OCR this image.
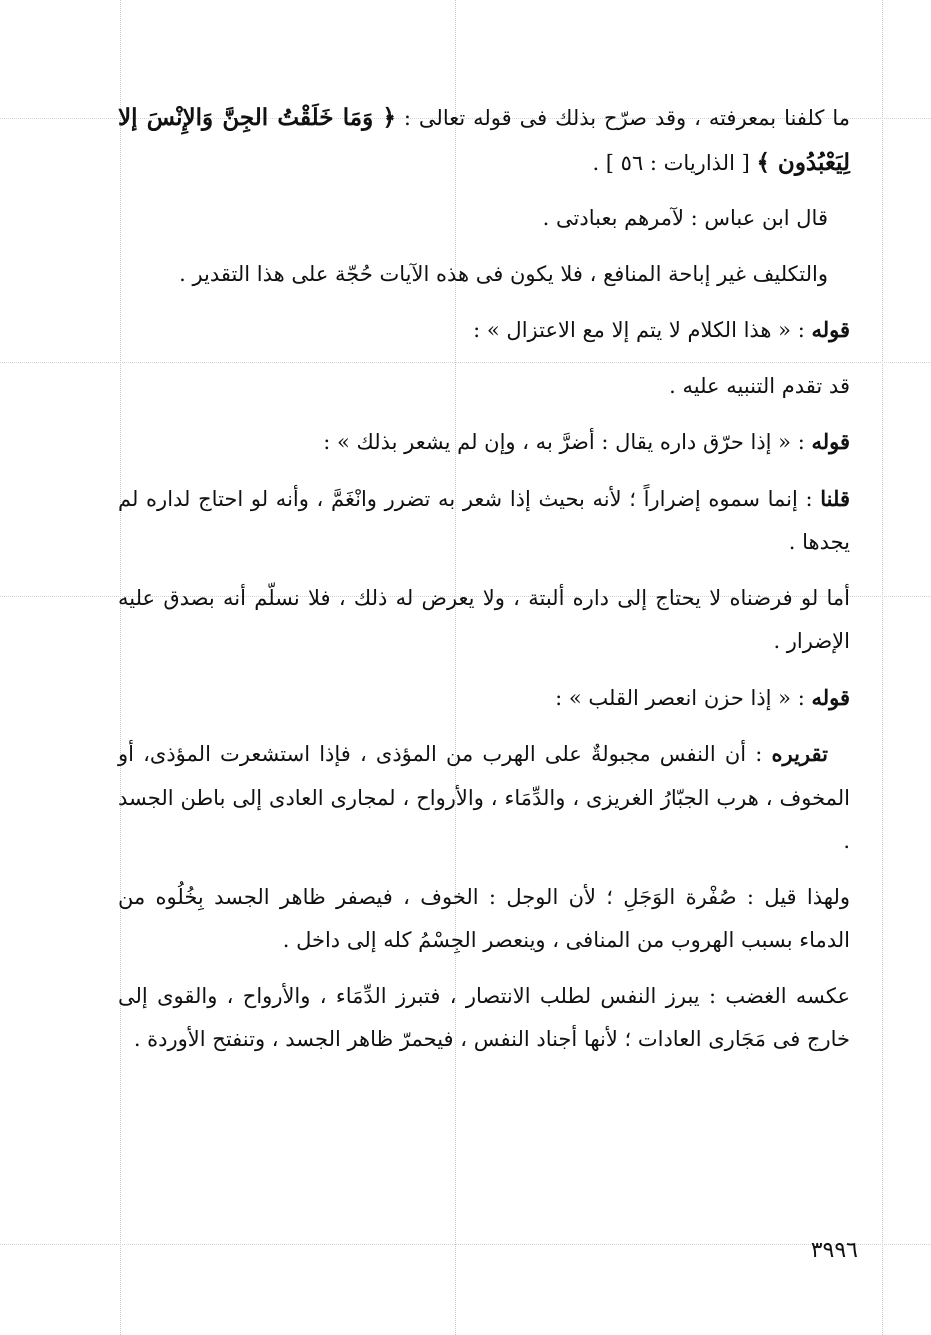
ما كلفنا بمعرفته ، وقد صرّح بذلك فى قوله تعالى : ﴿ وَمَا خَلَقْتُ الجِنَّ وَالإِنْسَ إلا لِيَعْبُدُون ﴾ [ الذاريات : ٥٦ ] .

قال ابن عباس : لآمرهم بعبادتى .

والتكليف غير إباحة المنافع ، فلا يكون فى هذه الآيات حُجّة على هذا التقدير .

قوله : « هذا الكلام لا يتم إلا مع الاعتزال » :

قد تقدم التنبيه عليه .

قوله : « إذا حرّق داره يقال : أضرَّ به ، وإن لم يشعر بذلك » :

قلنا : إنما سموه إضراراً ؛ لأنه بحيث إذا شعر به تضرر وانْغَمَّ ، وأنه لو احتاج لداره لم يجدها .

أما لو فرضناه لا يحتاج إلى داره ألبتة ، ولا يعرض له ذلك ، فلا نسلّم أنه بصدق عليه الإضرار .

قوله : « إذا حزن انعصر القلب » :

تقريره : أن النفس مجبولةٌ على الهرب من المؤذى ، فإذا استشعرت المؤذى، أو المخوف ، هرب الجبّارُ الغريزى ، والدِّمَاء ، والأرواح ، لمجارى العادى إلى باطن الجسد .

ولهذا قيل : صُفْرة الوَجَلِ ؛ لأن الوجل : الخوف ، فيصفر ظاهر الجسد بِخُلُوه من الدماء بسبب الهروب من المنافى ، وينعصر الجِسْمُ كله إلى داخل .

عكسه الغضب : يبرز النفس لطلب الانتصار ، فتبرز الدِّمَاء ، والأرواح ، والقوى إلى خارج فى مَجَارى العادات ؛ لأنها أجناد النفس ، فيحمرّ ظاهر الجسد ، وتنفتح الأوردة .

٣٩٩٦
